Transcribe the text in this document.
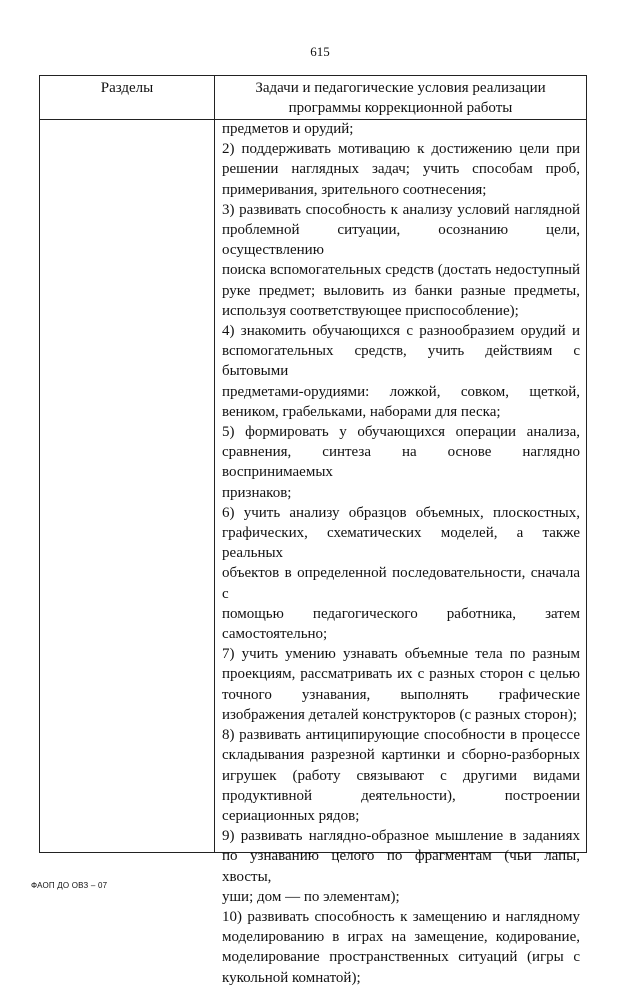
615
Разделы	Задачи и педагогические условия реализации
программы коррекционной работы
предметов и орудий;
2) поддерживать мотивацию к достижению цели при
решении наглядных задач; учить способам проб,
примеривания, зрительного соотнесения;
3) развивать способность к анализу условий наглядной
проблемной ситуации, осознанию цели, осуществлению
поиска вспомогательных средств (достать недоступный
руке предмет; выловить из банки разные предметы,
используя соответствующее приспособление);
4) знакомить обучающихся с разнообразием орудий и
вспомогательных средств, учить действиям с бытовыми
предметами-орудиями: ложкой, совком, щеткой,
веником, грабельками, наборами для песка;
5) формировать у обучающихся операции анализа,
сравнения, синтеза на основе наглядно воспринимаемых
признаков;
6) учить анализу образцов объемных, плоскостных,
графических, схематических моделей, а также реальных
объектов в определенной последовательности, сначала с
помощью педагогического работника, затем
самостоятельно;
7) учить умению узнавать объемные тела по разным
проекциям, рассматривать их с разных сторон с целью
точного узнавания, выполнять графические
изображения деталей конструкторов (с разных сторон);
8) развивать антиципирующие способности в процессе
складывания разрезной картинки и сборно-разборных
игрушек (работу связывают с другими видами
продуктивной деятельности), построении
сериационных рядов;
9) развивать наглядно-образное мышление в заданиях
по узнаванию целого по фрагментам (чьи лапы, хвосты,
уши; дом — по элементам);
10) развивать способность к замещению и наглядному
моделированию в играх на замещение, кодирование,
моделирование пространственных ситуаций (игры с
кукольной комнатой);
ФАОП ДО ОВЗ – 07
